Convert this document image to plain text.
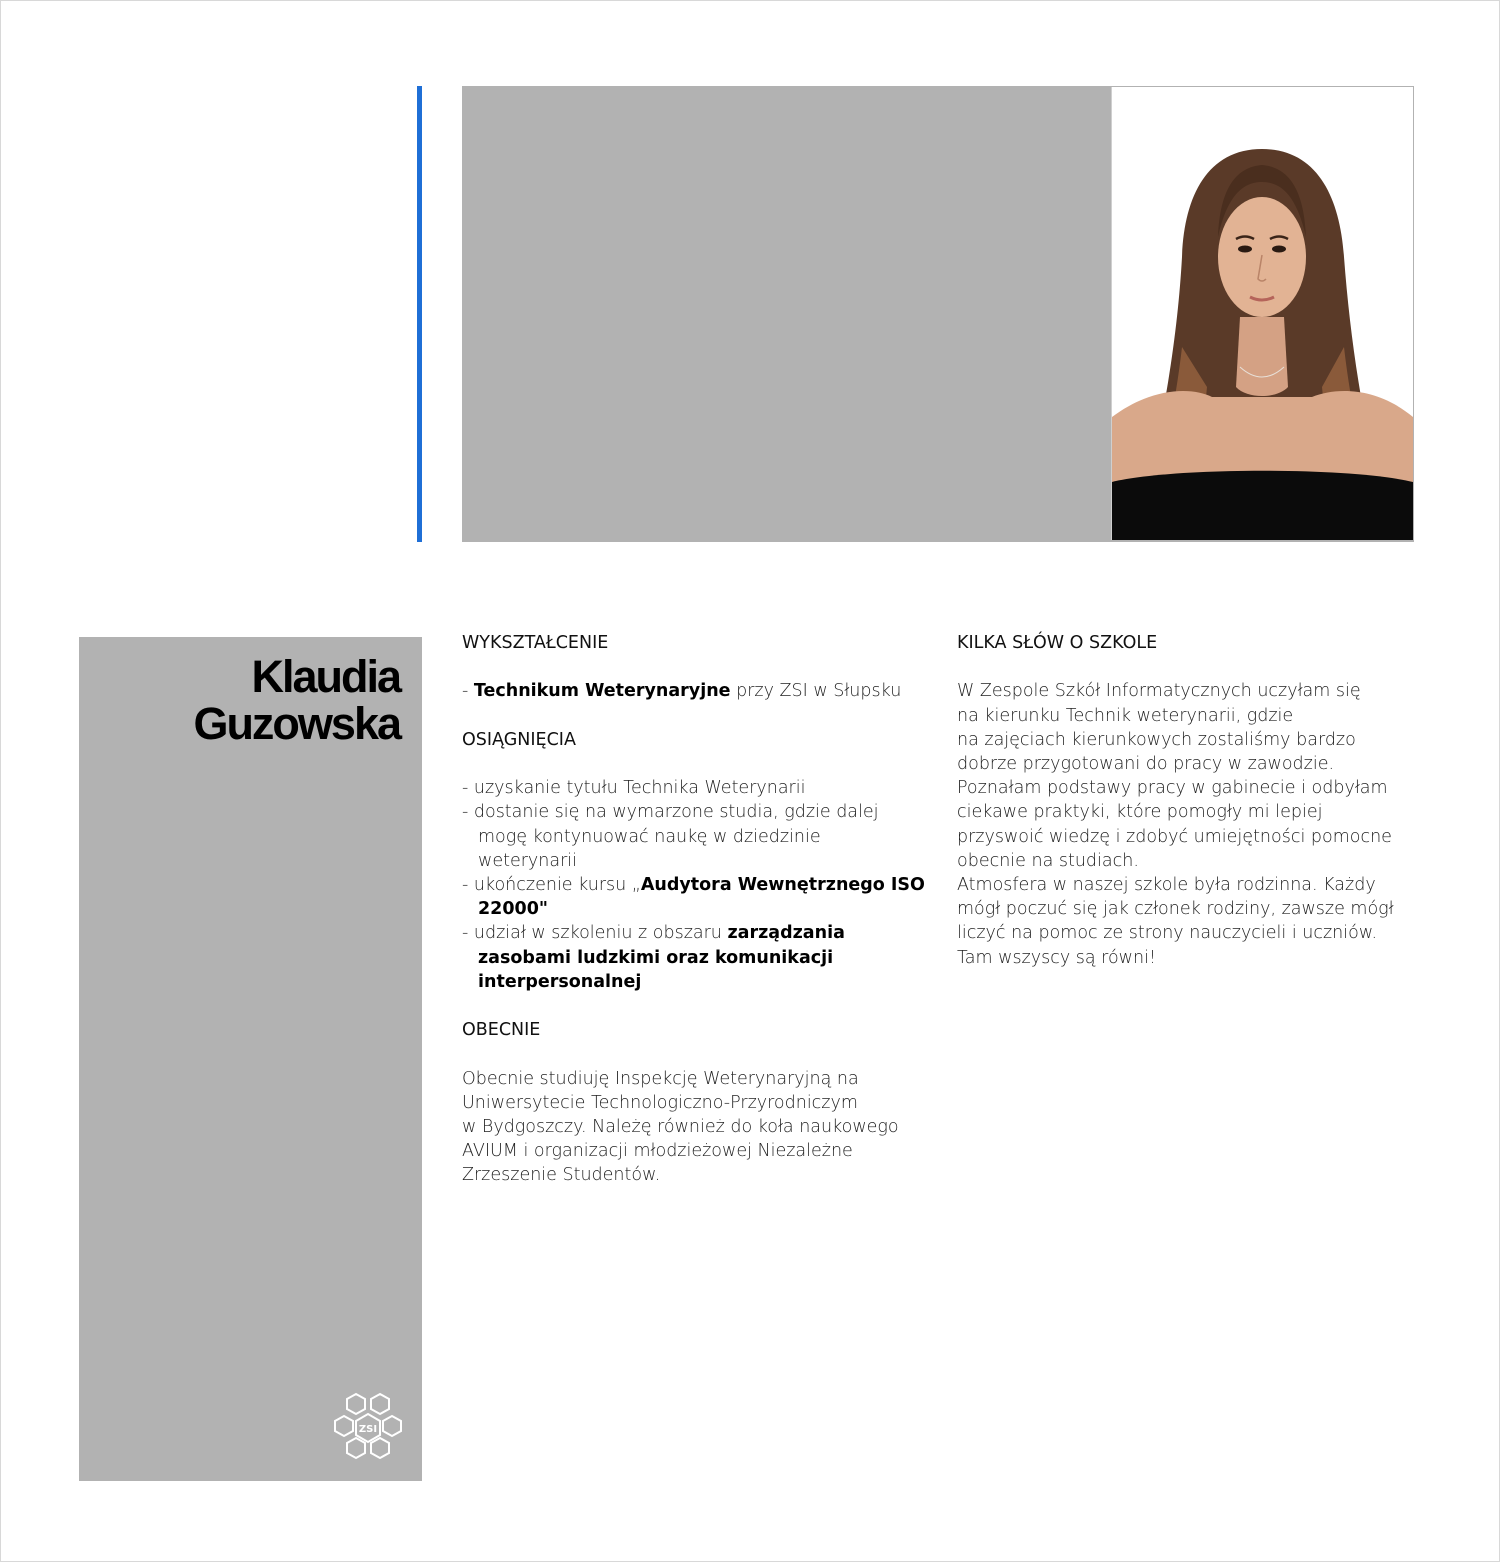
Klaudia
Guzowska
ZSI

WYKSZTAŁCENIE

- Technikum Weterynaryjne przy ZSI w Słupsku

OSIĄGNIĘCIA

- uzyskanie tytułu Technika Weterynarii
- dostanie się na wymarzone studia, gdzie dalej
mogę kontynuować naukę w dziedzinie
weterynarii
- ukończenie kursu „Audytora Wewnętrznego ISO
22000"
- udział w szkoleniu z obszaru zarządzania
zasobami ludzkimi oraz komunikacji
interpersonalnej

OBECNIE

Obecnie studiuję Inspekcję Weterynaryjną na
Uniwersytecie Technologiczno-Przyrodniczym
w Bydgoszczy. Należę również do koła naukowego
AVIUM i organizacji młodzieżowej Niezależne
Zrzeszenie Studentów.

KILKA SŁÓW O SZKOLE

W Zespole Szkół Informatycznych uczyłam się
na kierunku Technik weterynarii, gdzie
na zajęciach kierunkowych zostaliśmy bardzo
dobrze przygotowani do pracy w zawodzie.
Poznałam podstawy pracy w gabinecie i odbyłam
ciekawe praktyki, które pomogły mi lepiej
przyswoić wiedzę i zdobyć umiejętności pomocne
obecnie na studiach.
Atmosfera w naszej szkole była rodzinna. Każdy
mógł poczuć się jak członek rodziny, zawsze mógł
liczyć na pomoc ze strony nauczycieli i uczniów.
Tam wszyscy są równi!
